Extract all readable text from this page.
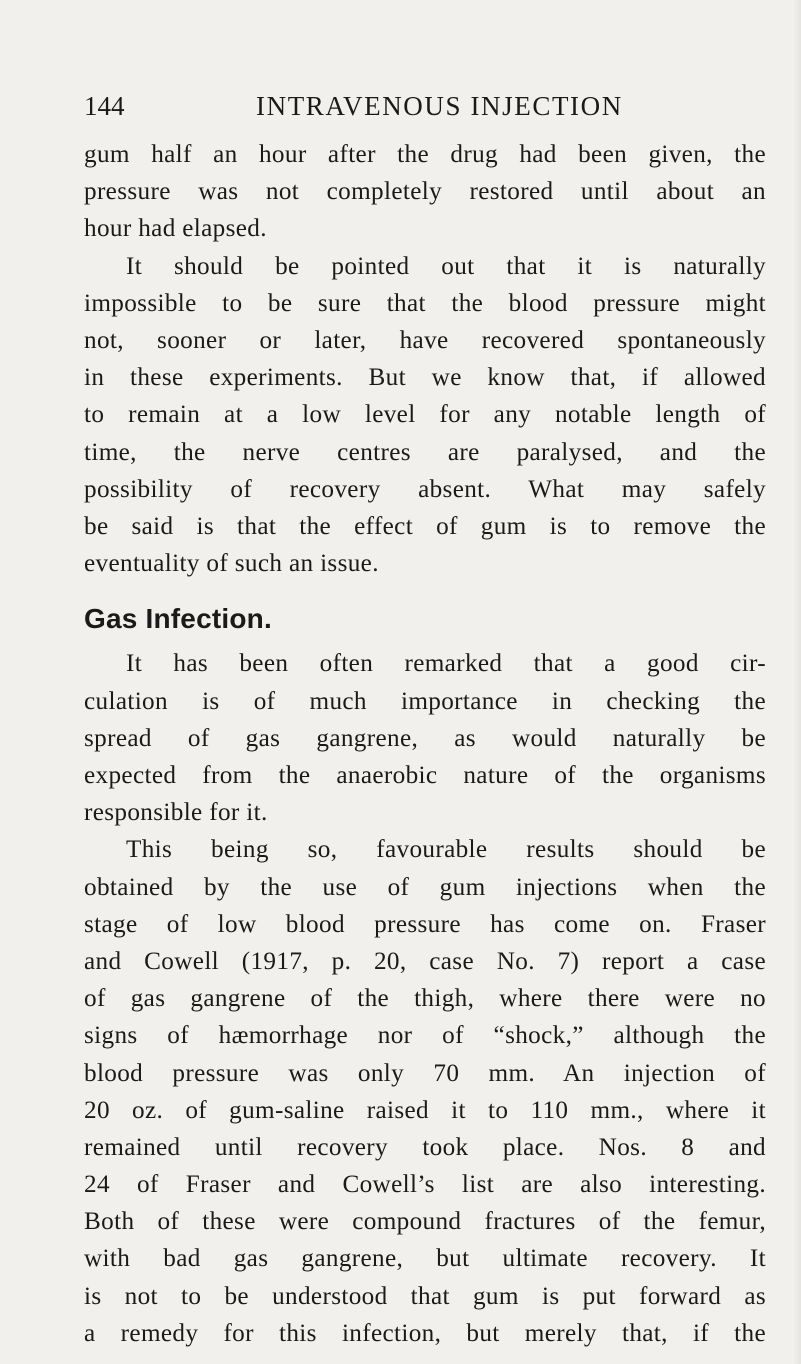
144	INTRAVENOUS INJECTION
gum half an hour after the drug had been given, the
pressure was not completely restored until about an
hour had elapsed.
It should be pointed out that it is naturally
impossible to be sure that the blood pressure might
not, sooner or later, have recovered spontaneously
in these experiments. But we know that, if allowed
to remain at a low level for any notable length of
time, the nerve centres are paralysed, and the
possibility of recovery absent. What may safely
be said is that the effect of gum is to remove the
eventuality of such an issue.
Gas Infection.
It has been often remarked that a good cir-
culation is of much importance in checking the
spread of gas gangrene, as would naturally be
expected from the anaerobic nature of the organisms
responsible for it.
This being so, favourable results should be
obtained by the use of gum injections when the
stage of low blood pressure has come on. Fraser
and Cowell (1917, p. 20, case No. 7) report a case
of gas gangrene of the thigh, where there were no
signs of hæmorrhage nor of “shock,” although the
blood pressure was only 70 mm. An injection of
20 oz. of gum-saline raised it to 110 mm., where it
remained until recovery took place. Nos. 8 and
24 of Fraser and Cowell’s list are also interesting.
Both of these were compound fractures of the femur,
with bad gas gangrene, but ultimate recovery. It
is not to be understood that gum is put forward as
a remedy for this infection, but merely that, if the
